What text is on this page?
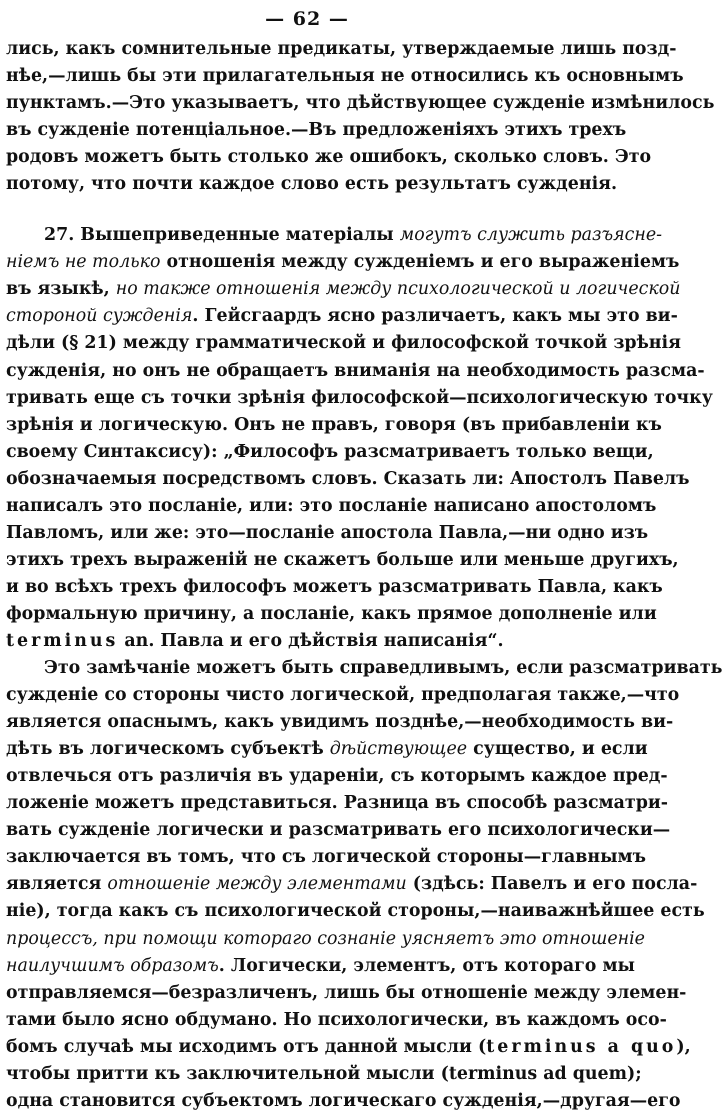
— 62 —
лись, какъ сомнительные предикаты, утверждаемые лишь позд-
нѣе,—лишь бы эти прилагательныя не относились къ основнымъ
пунктамъ.—Это указываетъ, что дѣйствующее сужденіе измѣнилось
въ сужденіе потенціальное.—Въ предложеніяхъ этихъ трехъ
родовъ можетъ быть столько же ошибокъ, сколько словъ. Это
потому, что почти каждое слово есть результатъ сужденія.
27. Вышеприведенные матеріалы могутъ служить разъясне-
ніемъ не только отношенія между сужденіемъ и его выраженіемъ
въ языкѣ, но также отношенія между психологической и логической
стороной сужденія. Гейсгаардъ ясно различаетъ, какъ мы это ви-
дѣли (§ 21) между грамматической и философской точкой зрѣнія
сужденія, но онъ не обращаетъ вниманія на необходимость разсма-
тривать еще съ точки зрѣнія философской—психологическую точку
зрѣнія и логическую. Онъ не правъ, говоря (въ прибавленіи къ
своему Синтаксису): „Философъ разсматриваетъ только вещи,
обозначаемыя посредствомъ словъ. Сказать ли: Апостолъ Павелъ
написалъ это посланіе, или: это посланіе написано апостоломъ
Павломъ, или же: это—посланіе апостола Павла,—ни одно изъ
этихъ трехъ выраженій не скажетъ больше или меньше другихъ,
и во всѣхъ трехъ философъ можетъ разсматривать Павла, какъ
формальную причину, а посланіе, какъ прямое дополненіе или
terminus an. Павла и его дѣйствія написанія“.
Это замѣчаніе можетъ быть справедливымъ, если разсматривать
сужденіе со стороны чисто логической, предполагая также,—что
является опаснымъ, какъ увидимъ позднѣе,—необходимость ви-
дѣть въ логическомъ субъектѣ дѣйствующее существо, и если
отвлечься отъ различія въ удареніи, съ которымъ каждое пред-
ложеніе можетъ представиться. Разница въ способѣ разсматри-
вать сужденіе логически и разсматривать его психологически—
заключается въ томъ, что съ логической стороны—главнымъ
является отношеніе между элементами (здѣсь: Павелъ и его посла-
ніе), тогда какъ съ психологической стороны,—наиважнѣйшее есть
процессъ, при помощи котораго сознаніе уясняетъ это отношеніе
наилучшимъ образомъ. Логически, элементъ, отъ котораго мы
отправляемся—безразличенъ, лишь бы отношеніе между элемен-
тами было ясно обдумано. Но психологически, въ каждомъ осо-
бомъ случаѣ мы исходимъ отъ данной мысли (terminus a quo),
чтобы притти къ заключительной мысли (terminus ad quem);
одна становится субъектомъ логическаго сужденія,—другая—его
